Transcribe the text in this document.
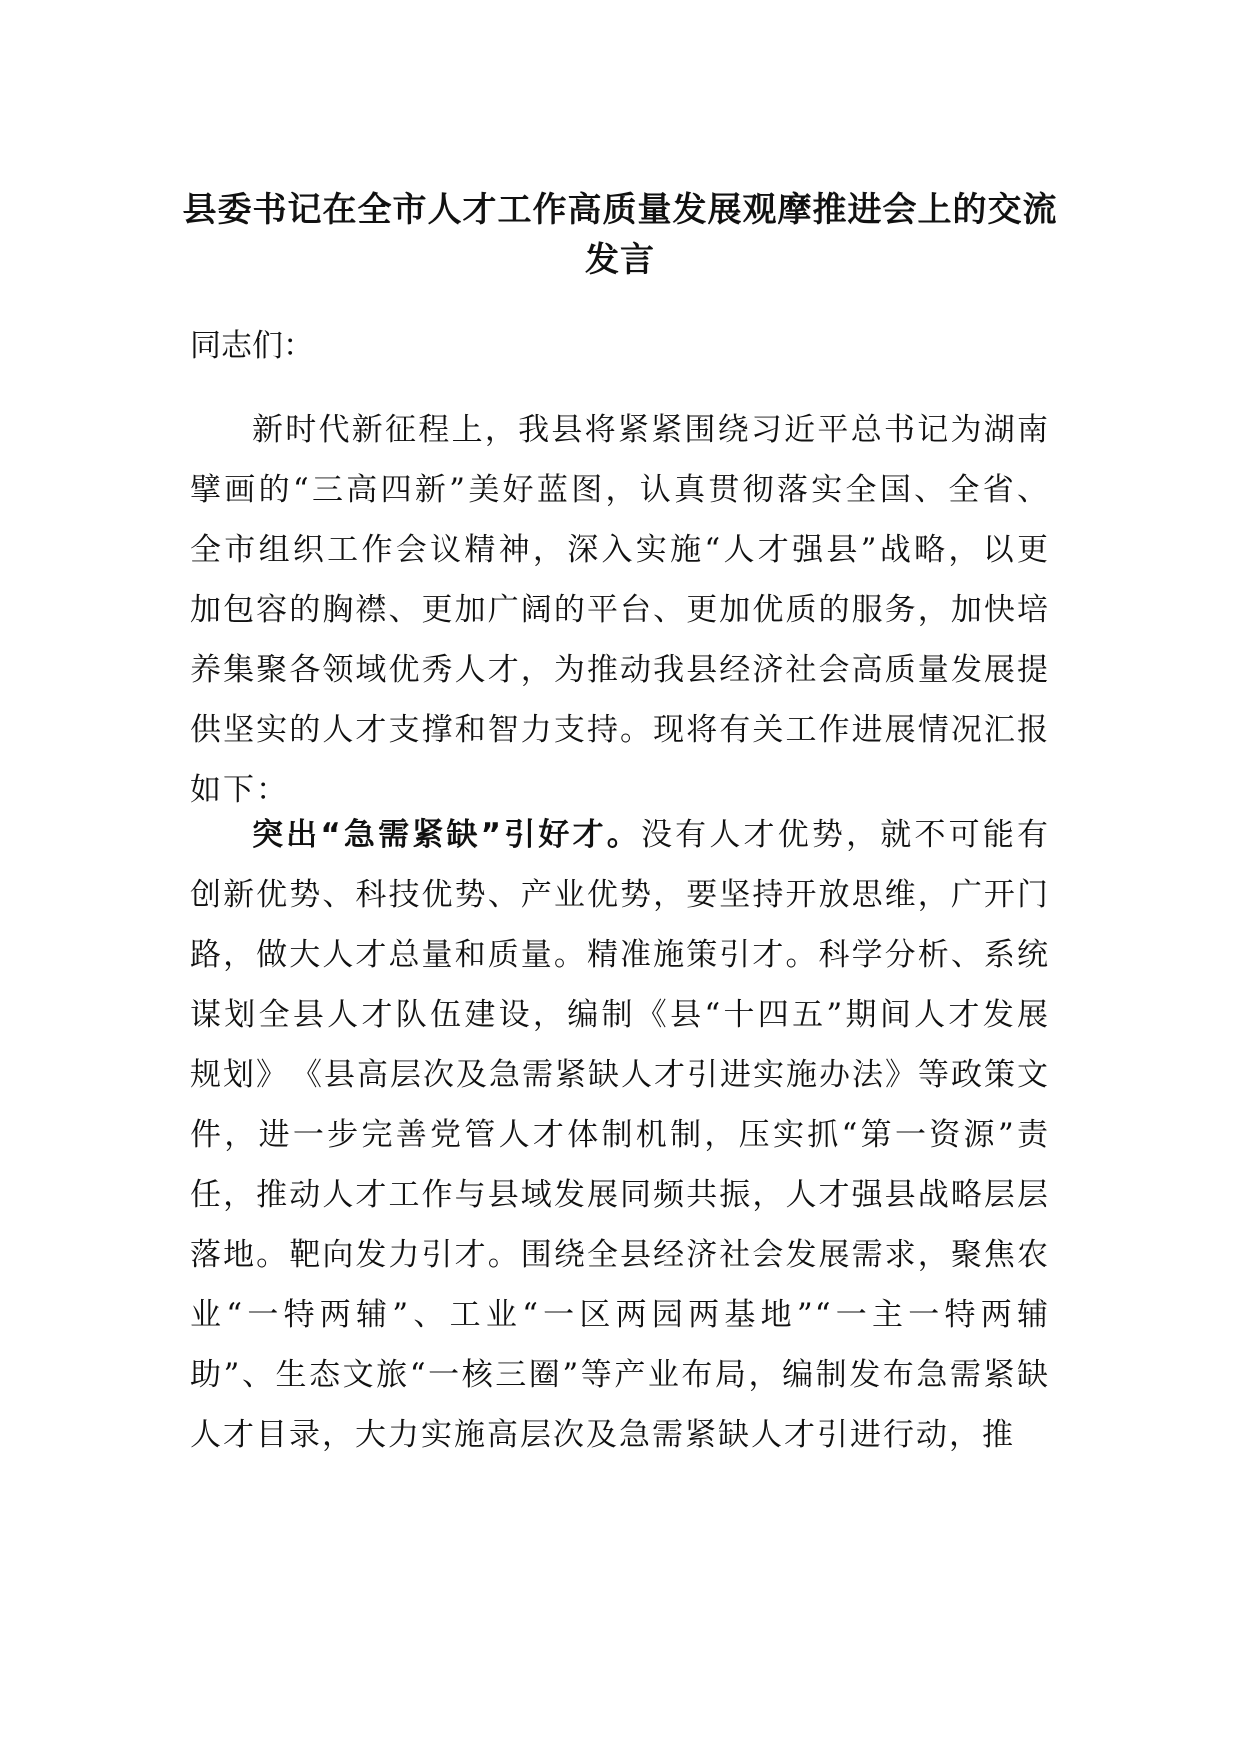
县委书记在全市人才工作高质量发展观摩推进会上的交流
发言

同志们：

新时代新征程上，我县将紧紧围绕习近平总书记为湖南擘画的“三高四新”美好蓝图，认真贯彻落实全国、全省、全市组织工作会议精神，深入实施“人才强县”战略，以更加包容的胸襟、更加广阔的平台、更加优质的服务，加快培养集聚各领域优秀人才，为推动我县经济社会高质量发展提供坚实的人才支撑和智力支持。现将有关工作进展情况汇报如下：

突出“急需紧缺”引好才。没有人才优势，就不可能有创新优势、科技优势、产业优势，要坚持开放思维，广开门路，做大人才总量和质量。精准施策引才。科学分析、系统谋划全县人才队伍建设，编制《县“十四五”期间人才发展规划》　《县高层次及急需紧缺人才引进实施办法》等政策文件，进一步完善党管人才体制机制，压实抓“第一资源”责任，推动人才工作与县域发展同频共振，人才强县战略层层落地。靶向发力引才。围绕全县经济社会发展需求，聚焦农业“一特两辅”、工业“一区两园两基地”“一主一特两辅助”、生态文旅“一核三圈”等产业布局，编制发布急需紧缺人才目录，大力实施高层次及急需紧缺人才引进行动，推
